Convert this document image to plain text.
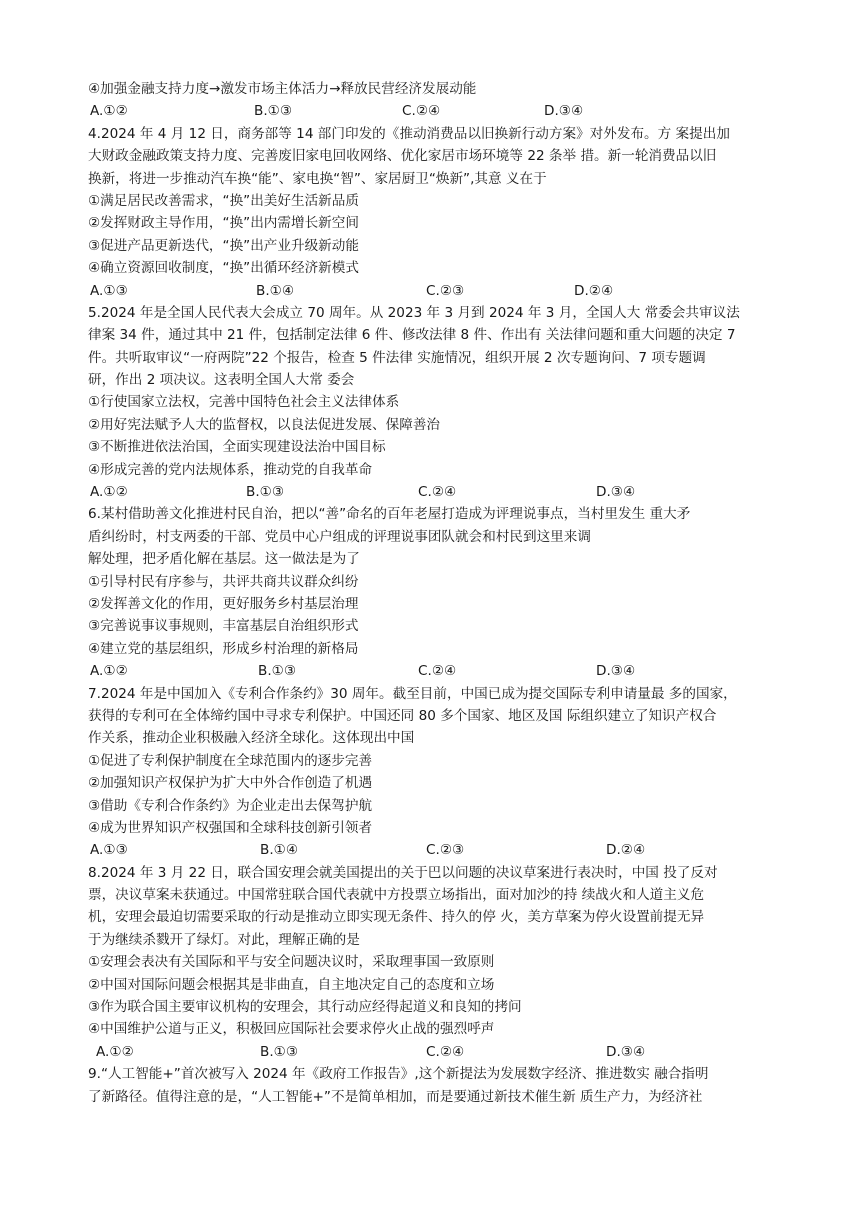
④加强金融支持力度→激发市场主体活力→释放民营经济发展动能
A.①②	B.①③	C.②④	D.③④
4.2024 年 4 月 12 日，商务部等 14 部门印发的《推动消费品以旧换新行动方案》对外发布。方 案提出加
大财政金融政策支持力度、完善废旧家电回收网络、优化家居市场环境等 22 条举 措。新一轮消费品以旧
换新，将进一步推动汽车换“能”、家电换“智”、家居厨卫“焕新”,其意 义在于
①满足居民改善需求，“换”出美好生活新品质
②发挥财政主导作用，“换”出内需增长新空间
③促进产品更新迭代，“换”出产业升级新动能
④确立资源回收制度，“换”出循环经济新模式
A.①③	B.①④	C.②③	D.②④
5.2024 年是全国人民代表大会成立 70 周年。从 2023 年 3 月到 2024 年 3 月，全国人大 常委会共审议法
律案 34 件，通过其中 21 件，包括制定法律 6 件、修改法律 8 件、作出有 关法律问题和重大问题的决定 7
件。共听取审议“一府两院”22 个报告，检查 5 件法律 实施情况，组织开展 2 次专题询问、7 项专题调
研，作出 2 项决议。这表明全国人大常 委会
①行使国家立法权，完善中国特色社会主义法律体系
②用好宪法赋予人大的监督权，以良法促进发展、保障善治
③不断推进依法治国，全面实现建设法治中国目标
④形成完善的党内法规体系，推动党的自我革命
A.①②	B.①③	C.②④	D.③④
6.某村借助善文化推进村民自治，把以“善”命名的百年老屋打造成为评理说事点，当村里发生 重大矛
盾纠纷时，村支两委的干部、党员中心户组成的评理说事团队就会和村民到这里来调
解处理，把矛盾化解在基层。这一做法是为了
①引导村民有序参与，共评共商共议群众纠纷
②发挥善文化的作用，更好服务乡村基层治理
③完善说事议事规则，丰富基层自治组织形式
④建立党的基层组织，形成乡村治理的新格局
A.①②	B.①③	C.②④	D.③④
7.2024 年是中国加入《专利合作条约》30 周年。截至目前，中国已成为提交国际专利申请量最 多的国家，
获得的专利可在全体缔约国中寻求专利保护。中国还同 80 多个国家、地区及国 际组织建立了知识产权合
作关系，推动企业积极融入经济全球化。这体现出中国
①促进了专利保护制度在全球范围内的逐步完善
②加强知识产权保护为扩大中外合作创造了机遇
③借助《专利合作条约》为企业走出去保驾护航
④成为世界知识产权强国和全球科技创新引领者
A.①③	B.①④	C.②③	D.②④
8.2024 年 3 月 22 日，联合国安理会就美国提出的关于巴以问题的决议草案进行表决时，中国 投了反对
票，决议草案未获通过。中国常驻联合国代表就中方投票立场指出，面对加沙的持 续战火和人道主义危
机，安理会最迫切需要采取的行动是推动立即实现无条件、持久的停 火，美方草案为停火设置前提无异
于为继续杀戮开了绿灯。对此，理解正确的是
①安理会表决有关国际和平与安全问题决议时，采取理事国一致原则
②中国对国际问题会根据其是非曲直，自主地决定自己的态度和立场
③作为联合国主要审议机构的安理会，其行动应经得起道义和良知的拷问
④中国维护公道与正义，积极回应国际社会要求停火止战的强烈呼声
A.①②	B.①③	C.②④	D.③④
9.“人工智能+”首次被写入 2024 年《政府工作报告》,这个新提法为发展数字经济、推进数实 融合指明
了新路径。值得注意的是，“人工智能+”不是简单相加，而是要通过新技术催生新 质生产力，为经济社
